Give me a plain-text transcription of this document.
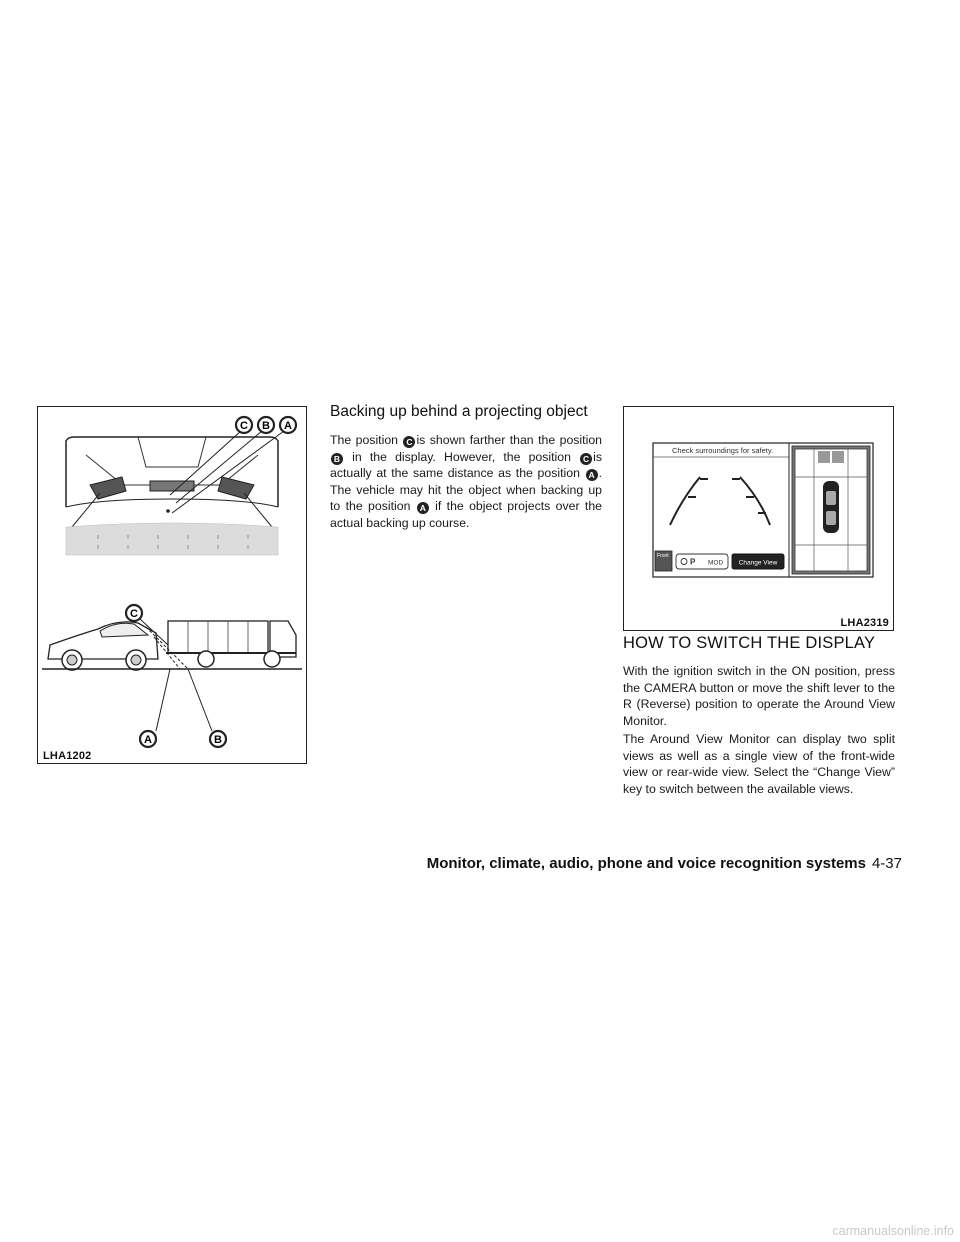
C B A
C
A	B
LHA1202
Backing up behind a projecting object

The position C is shown farther than the position B in the display. However, the position C is actually at the same distance as the position A . The vehicle may hit the object when backing up to the position A if the object projects over the actual backing up course.

Check surroundings for safety.
Front
P MOD Change View
LHA2319
HOW TO SWITCH THE DISPLAY

With the ignition switch in the ON position, press the CAMERA button or move the shift lever to the R (Reverse) position to operate the Around View Monitor.

The Around View Monitor can display two split views as well as a single view of the front-wide view or rear-wide view. Select the “Change View” key to switch between the available views.

Monitor, climate, audio, phone and voice recognition systems 4-37
carmanualsonline.info
